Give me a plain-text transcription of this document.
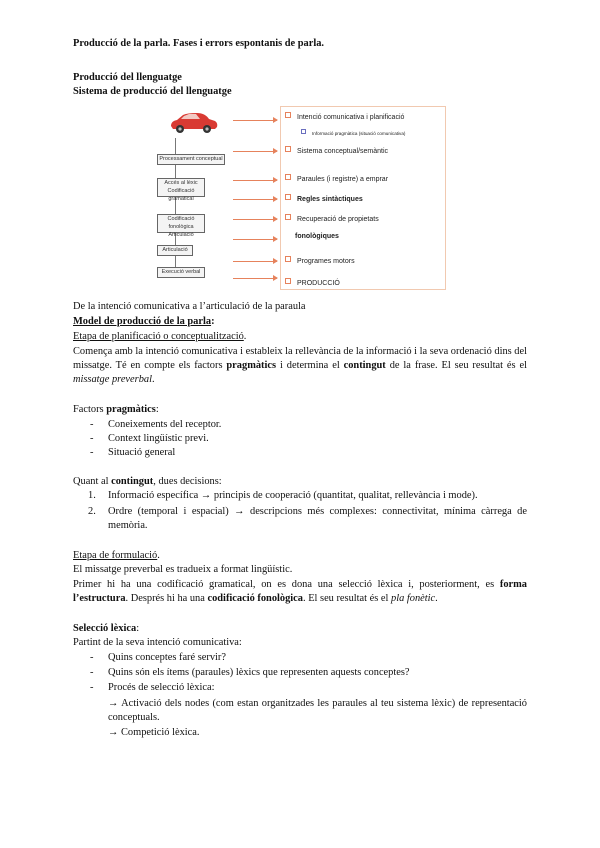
Producció de la parla. Fases i errors espontanis de parla.
Producció del llenguatge
Sistema de producció del llenguatge
Processament conceptual
Accés al lèxic
Codificació gramatical
Codificació fonològica
Articulació
Articulació
Execució verbal
Intenció comunicativa i planificació
Informació pragmàtica (situació comunicativa)
Sistema conceptual/semàntic
Paraules (i registre) a emprar
Regles sintàctiques
Recuperació de propietats
fonològiques
Programes motors
PRODUCCIÓ
De la intenció comunicativa a l’articulació de la paraula
Model de producció de la parla:
Etapa de planificació o conceptualització.
Comença amb la intenció comunicativa i estableix la rellevància de la informació i la seva ordenació dins del missatge. Té en compte els factors pragmàtics i determina el contingut de la frase. El seu resultat és el missatge preverbal.
Factors pragmàtics:
- Coneixements del receptor.
- Context lingüístic previ.
- Situació general
Quant al contingut, dues decisions:
1. Informació específica → principis de cooperació (quantitat, qualitat, rellevància i mode).
2. Ordre (temporal i espacial) → descripcions més complexes: connectivitat, mínima càrrega de memòria.
Etapa de formulació.
El missatge preverbal es tradueix a format lingüístic.
Primer hi ha una codificació gramatical, on es dona una selecció lèxica i, posteriorment, es forma l’estructura. Després hi ha una codificació fonològica. El seu resultat és el pla fonètic.
Selecció lèxica:
Partint de la seva intenció comunicativa:
- Quins conceptes faré servir?
- Quins són els ítems (paraules) lèxics que representen aquests conceptes?
- Procés de selecció lèxica:
→ Activació dels nodes (com estan organitzades les paraules al teu sistema lèxic) de representació conceptuals.
→ Competició lèxica.
